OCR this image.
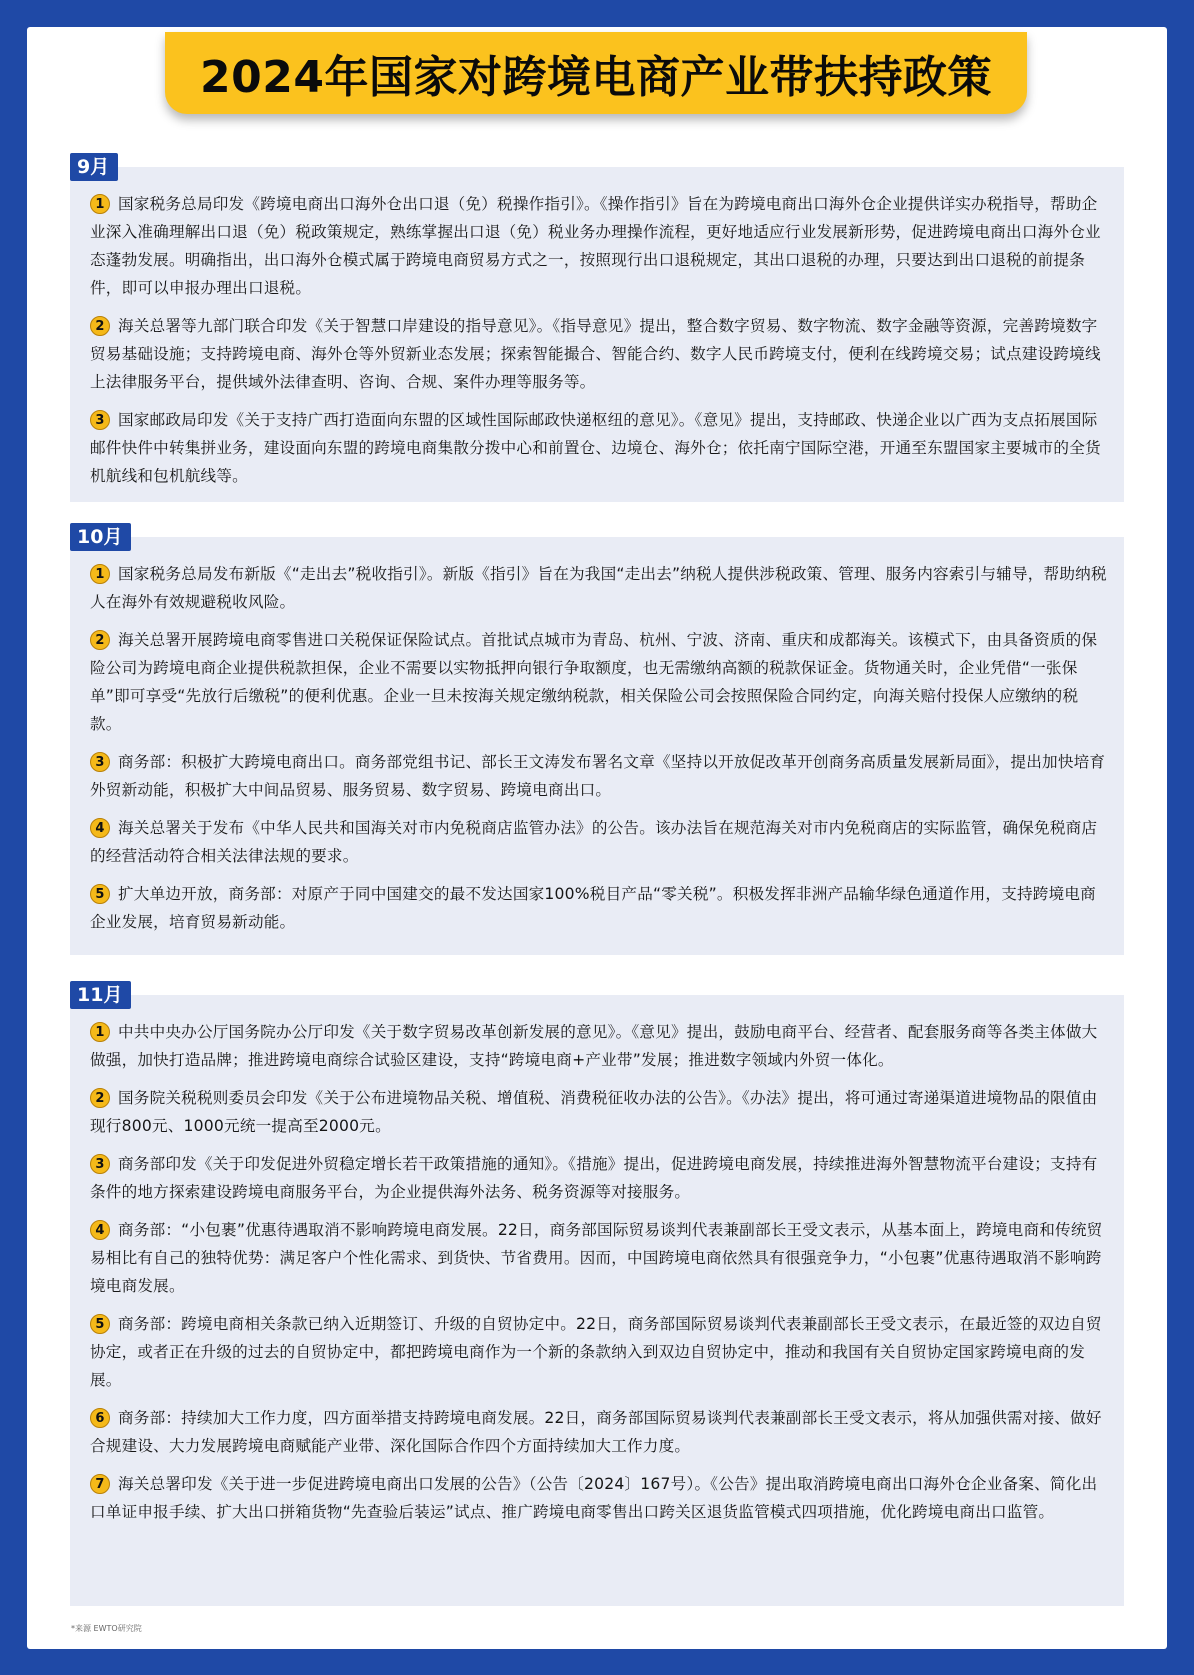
2024年国家对跨境电商产业带扶持政策
9月
1 国家税务总局印发《跨境电商出口海外仓出口退（免）税操作指引》。《操作指引》旨在为跨境电商出口海外仓企业提供详实办税指导，帮助企业深入准确理解出口退（免）税政策规定，熟练掌握出口退（免）税业务办理操作流程，更好地适应行业发展新形势，促进跨境电商出口海外仓业态蓬勃发展。明确指出，出口海外仓模式属于跨境电商贸易方式之一，按照现行出口退税规定，其出口退税的办理，只要达到出口退税的前提条件，即可以申报办理出口退税。
2 海关总署等九部门联合印发《关于智慧口岸建设的指导意见》。《指导意见》提出，整合数字贸易、数字物流、数字金融等资源，完善跨境数字贸易基础设施；支持跨境电商、海外仓等外贸新业态发展；探索智能撮合、智能合约、数字人民币跨境支付，便利在线跨境交易；试点建设跨境线上法律服务平台，提供域外法律查明、咨询、合规、案件办理等服务等。
3 国家邮政局印发《关于支持广西打造面向东盟的区域性国际邮政快递枢纽的意见》。《意见》提出，支持邮政、快递企业以广西为支点拓展国际邮件快件中转集拼业务，建设面向东盟的跨境电商集散分拨中心和前置仓、边境仓、海外仓；依托南宁国际空港，开通至东盟国家主要城市的全货机航线和包机航线等。
10月
1 国家税务总局发布新版《“走出去”税收指引》。新版《指引》旨在为我国“走出去”纳税人提供涉税政策、管理、服务内容索引与辅导，帮助纳税人在海外有效规避税收风险。
2 海关总署开展跨境电商零售进口关税保证保险试点。首批试点城市为青岛、杭州、宁波、济南、重庆和成都海关。该模式下，由具备资质的保险公司为跨境电商企业提供税款担保，企业不需要以实物抵押向银行争取额度，也无需缴纳高额的税款保证金。货物通关时，企业凭借“一张保单”即可享受“先放行后缴税”的便利优惠。企业一旦未按海关规定缴纳税款，相关保险公司会按照保险合同约定，向海关赔付投保人应缴纳的税款。
3 商务部：积极扩大跨境电商出口。商务部党组书记、部长王文涛发布署名文章《坚持以开放促改革开创商务高质量发展新局面》，提出加快培育外贸新动能，积极扩大中间品贸易、服务贸易、数字贸易、跨境电商出口。
4 海关总署关于发布《中华人民共和国海关对市内免税商店监管办法》的公告。该办法旨在规范海关对市内免税商店的实际监管，确保免税商店的经营活动符合相关法律法规的要求。
5 扩大单边开放，商务部：对原产于同中国建交的最不发达国家100%税目产品“零关税”。积极发挥非洲产品输华绿色通道作用，支持跨境电商企业发展，培育贸易新动能。
11月
1 中共中央办公厅国务院办公厅印发《关于数字贸易改革创新发展的意见》。《意见》提出，鼓励电商平台、经营者、配套服务商等各类主体做大做强，加快打造品牌；推进跨境电商综合试验区建设，支持“跨境电商+产业带”发展；推进数字领域内外贸一体化。
2 国务院关税税则委员会印发《关于公布进境物品关税、增值税、消费税征收办法的公告》。《办法》提出，将可通过寄递渠道进境物品的限值由现行800元、1000元统一提高至2000元。
3 商务部印发《关于印发促进外贸稳定增长若干政策措施的通知》。《措施》提出，促进跨境电商发展，持续推进海外智慧物流平台建设；支持有条件的地方探索建设跨境电商服务平台，为企业提供海外法务、税务资源等对接服务。
4 商务部：“小包裹”优惠待遇取消不影响跨境电商发展。22日，商务部国际贸易谈判代表兼副部长王受文表示，从基本面上，跨境电商和传统贸易相比有自己的独特优势：满足客户个性化需求、到货快、节省费用。因而，中国跨境电商依然具有很强竞争力，“小包裹”优惠待遇取消不影响跨境电商发展。
5 商务部：跨境电商相关条款已纳入近期签订、升级的自贸协定中。22日，商务部国际贸易谈判代表兼副部长王受文表示，在最近签的双边自贸协定，或者正在升级的过去的自贸协定中，都把跨境电商作为一个新的条款纳入到双边自贸协定中，推动和我国有关自贸协定国家跨境电商的发展。
6 商务部：持续加大工作力度，四方面举措支持跨境电商发展。22日，商务部国际贸易谈判代表兼副部长王受文表示，将从加强供需对接、做好合规建设、大力发展跨境电商赋能产业带、深化国际合作四个方面持续加大工作力度。
7 海关总署印发《关于进一步促进跨境电商出口发展的公告》（公告〔2024〕167号）。《公告》提出取消跨境电商出口海外仓企业备案、简化出口单证申报手续、扩大出口拼箱货物“先查验后装运”试点、推广跨境电商零售出口跨关区退货监管模式四项措施，优化跨境电商出口监管。
*来源 EWTO研究院
